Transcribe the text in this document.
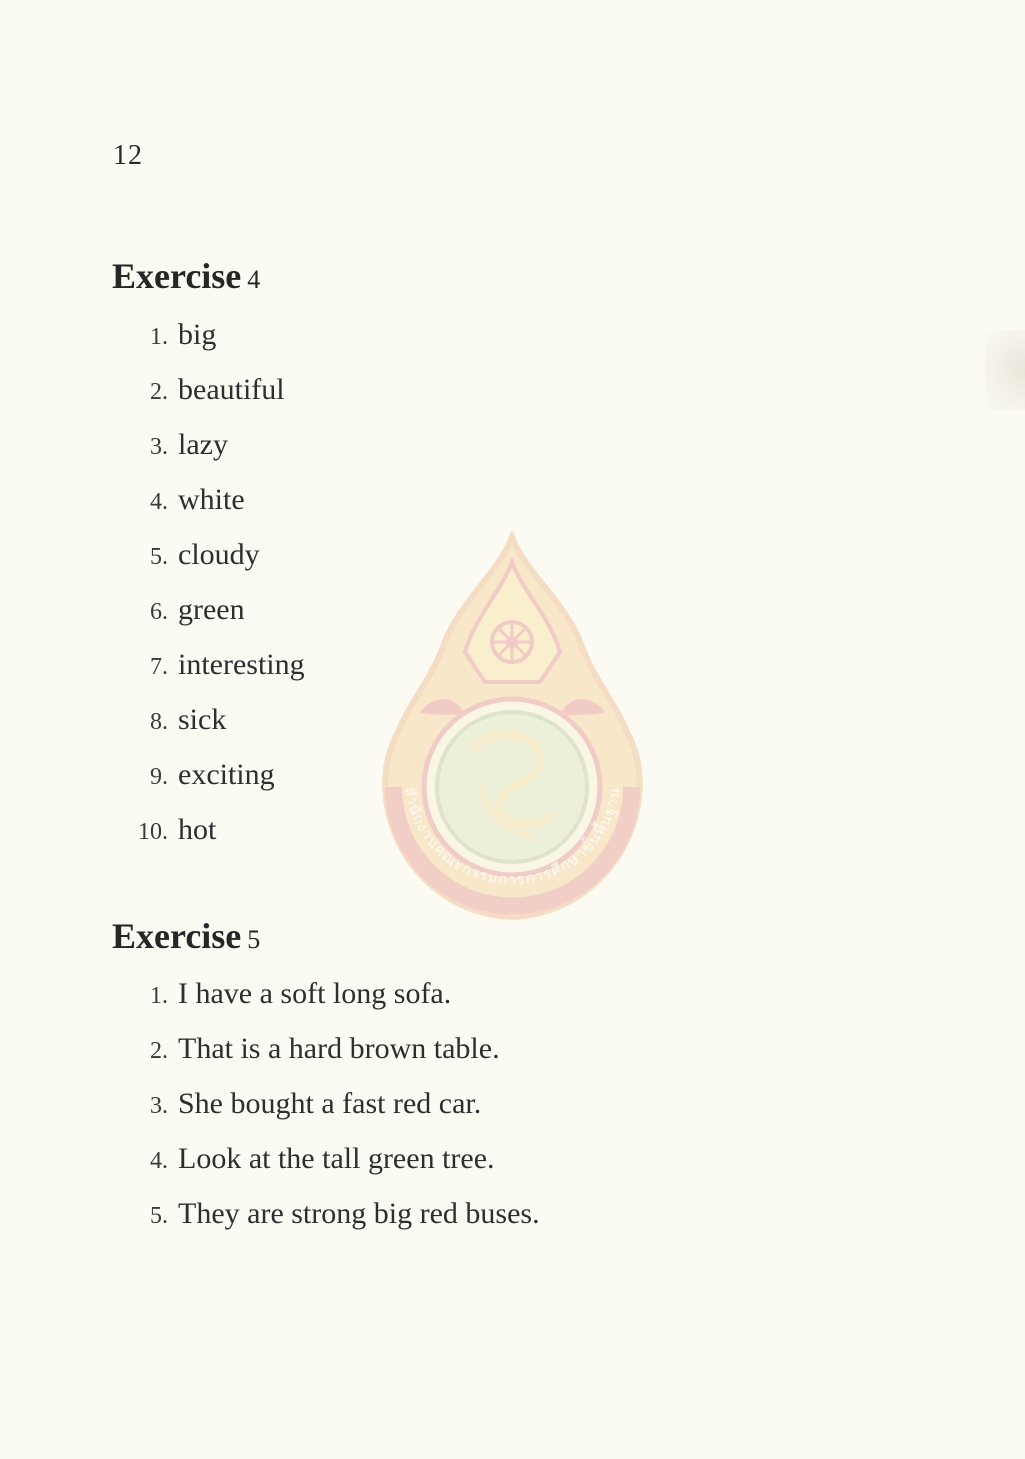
12
Exercise 4
1. big
2. beautiful
3. lazy
4. white
5. cloudy
6. green
7. interesting
8. sick
9. exciting
10. hot
Exercise 5
1. I have a soft long sofa.
2. That is a hard brown table.
3. She bought a fast red car.
4. Look at the tall green tree.
5. They are strong big red buses.
สำนักงานคณะกรรมการการศึกษาขั้นพื้นฐาน
